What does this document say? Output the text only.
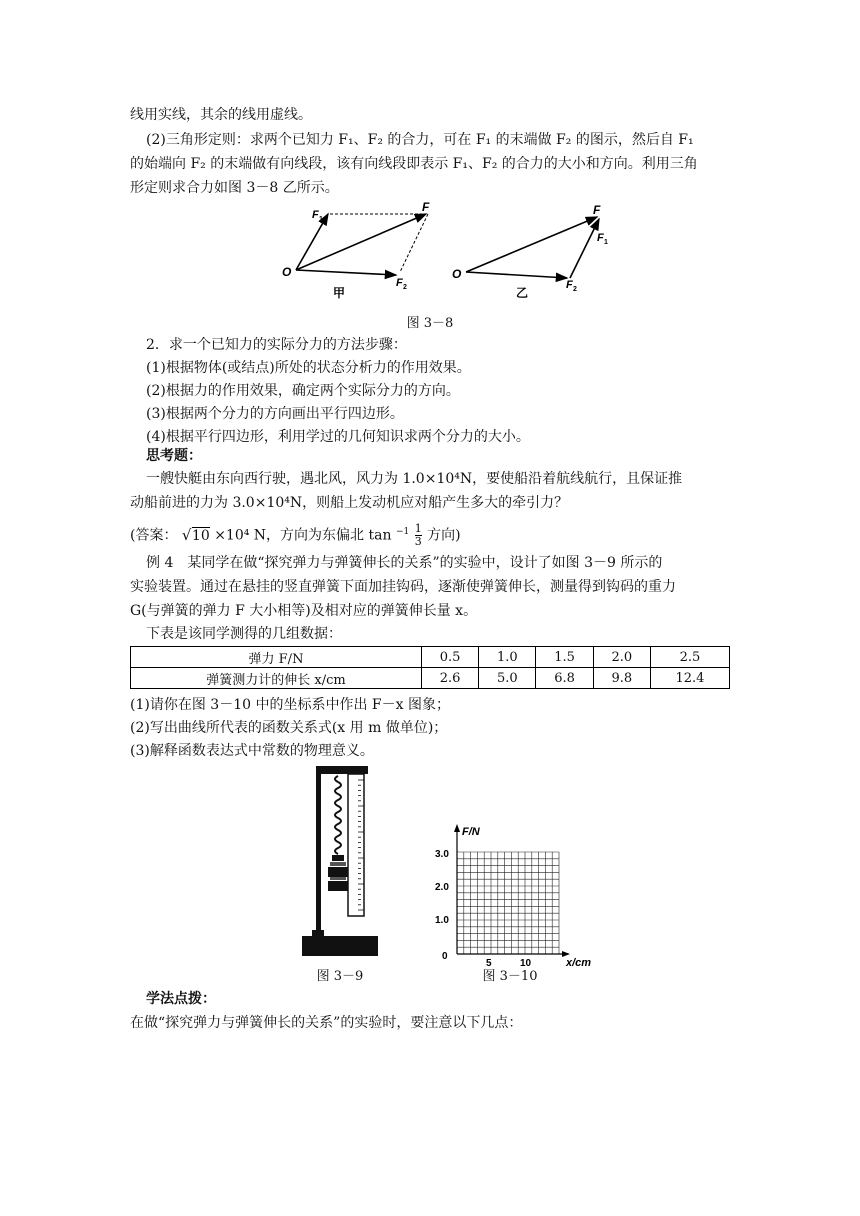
线用实线，其余的线用虚线。
(2)三角形定则：求两个已知力 F₁、F₂ 的合力，可在 F₁ 的末端做 F₂ 的图示，然后自 F₁
的始端向 F₂ 的末端做有向线段，该有向线段即表示 F₁、F₂ 的合力的大小和方向。利用三角
形定则求合力如图 3－8 乙所示。
O
F 1
F
F 2
甲
O
F
F 1
F 2
乙
图 3－8
2．求一个已知力的实际分力的方法步骤：
(1)根据物体(或结点)所处的状态分析力的作用效果。
(2)根据力的作用效果，确定两个实际分力的方向。
(3)根据两个分力的方向画出平行四边形。
(4)根据平行四边形，利用学过的几何知识求两个分力的大小。
思考题：
一艘快艇由东向西行驶，遇北风，风力为 1.0×10⁴N，要使船沿着航线航行，且保证推
动船前进的力为 3.0×10⁴N，则船上发动机应对船产生多大的牵引力？
(答案： √ 10 ×10⁴ N，方向为东偏北 $\tan ^{-1} \frac{1}{3}$ 方向)
例 4　某同学在做“探究弹力与弹簧伸长的关系”的实验中，设计了如图 3－9 所示的
实验装置。通过在悬挂的竖直弹簧下面加挂钩码，逐渐使弹簧伸长，测量得到钩码的重力
G(与弹簧的弹力 F 大小相等)及相对应的弹簧伸长量 x。
下表是该同学测得的几组数据：
弹力 F/N	0.5	1.0	1.5	2.0	2.5
弹簧测力计的伸长 x/cm	2.6	5.0	6.8	9.8	12.4
(1)请你在图 3－10 中的坐标系中作出 F－x 图象；
(2)写出曲线所代表的函数关系式(x 用 m 做单位)；
(3)解释函数表达式中常数的物理意义。
图 3－9
F/N
x/cm
0
1.0
2.0
3.0
5	10
图 3－10
学法点拨：
在做“探究弹力与弹簧伸长的关系”的实验时，要注意以下几点：
